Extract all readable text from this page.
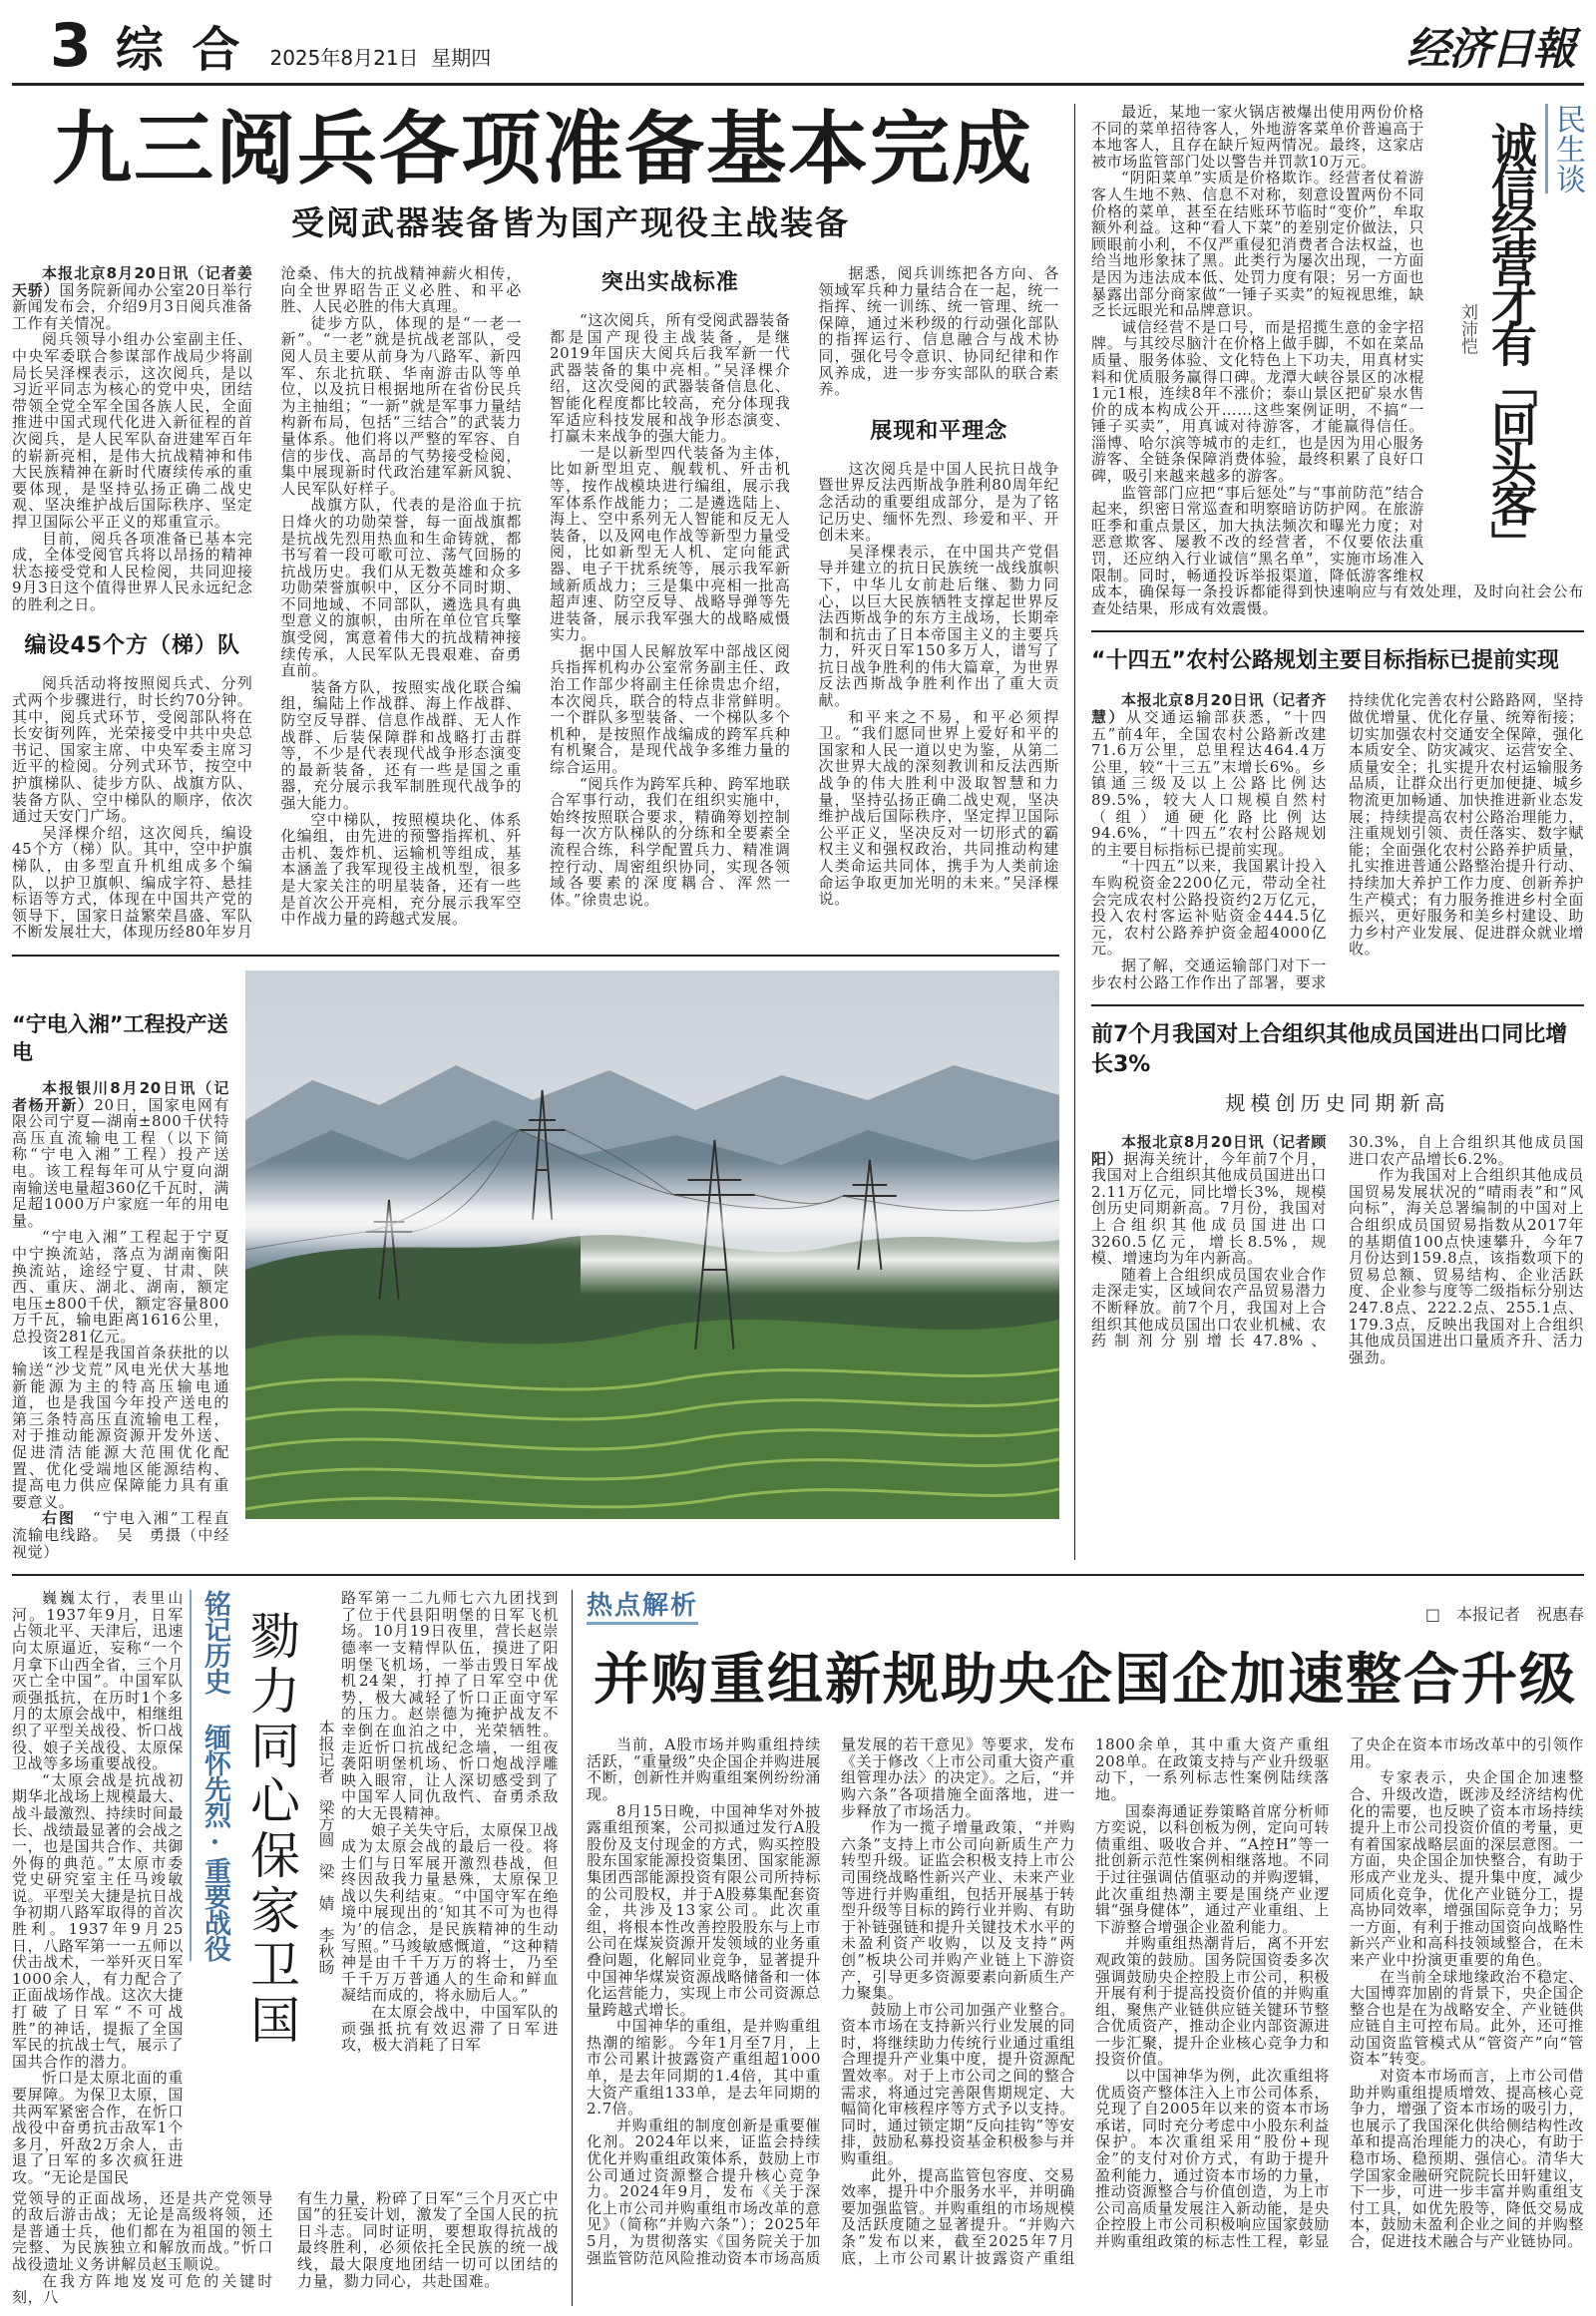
3 综 合 2025年8月21日 星期四	经济日報
九三阅兵各项准备基本完成
受阅武器装备皆为国产现役主战装备

本报北京8月20日讯（记者姜天骄）国务院新闻办公室20日举行新闻发布会，介绍9月3日阅兵准备工作有关情况。

阅兵领导小组办公室副主任、中央军委联合参谋部作战局少将副局长吴泽棵表示，这次阅兵，是以习近平同志为核心的党中央，团结带领全党全军全国各族人民，全面推进中国式现代化进入新征程的首次阅兵，是人民军队奋进建军百年的崭新亮相，是伟大抗战精神和伟大民族精神在新时代赓续传承的重要体现，是坚持弘扬正确二战史观、坚决维护战后国际秩序、坚定捍卫国际公平正义的郑重宣示。

目前，阅兵各项准备已基本完成，全体受阅官兵将以昂扬的精神状态接受党和人民检阅，共同迎接9月3日这个值得世界人民永远纪念的胜利之日。

编设45个方（梯）队

阅兵活动将按照阅兵式、分列式两个步骤进行，时长约70分钟。其中，阅兵式环节，受阅部队将在长安街列阵，光荣接受中共中央总书记、国家主席、中央军委主席习近平的检阅。分列式环节，按空中护旗梯队、徒步方队、战旗方队、装备方队、空中梯队的顺序，依次通过天安门广场。

吴泽棵介绍，这次阅兵，编设45个方（梯）队。其中，空中护旗梯队，由多型直升机组成多个编队，以护卫旗帜、编成字符、悬挂标语等方式，体现在中国共产党的领导下，国家日益繁荣昌盛、军队不断发展壮大，体现历经80年岁月沧桑、伟大的抗战精神薪火相传，向全世界昭告正义必胜、和平必胜、人民必胜的伟大真理。

徒步方队，体现的是“一老一新”。“一老”就是抗战老部队，受阅人员主要从前身为八路军、新四军、东北抗联、华南游击队等单位，以及抗日根据地所在省份民兵为主抽组；“一新”就是军事力量结构新布局，包括“三结合”的武装力量体系。他们将以严整的军容、自信的步伐、高昂的气势接受检阅，集中展现新时代政治建军新风貌、人民军队好样子。

战旗方队，代表的是浴血于抗日烽火的功勋荣誉，每一面战旗都是抗战先烈用热血和生命铸就，都书写着一段可歌可泣、荡气回肠的抗战历史。我们从无数英雄和众多功勋荣誉旗帜中，区分不同时期、不同地域、不同部队，遴选具有典型意义的旗帜，由所在单位官兵擎旗受阅，寓意着伟大的抗战精神接续传承，人民军队无畏艰难、奋勇直前。

装备方队，按照实战化联合编组，编陆上作战群、海上作战群、防空反导群、信息作战群、无人作战群、后装保障群和战略打击群等，不少是代表现代战争形态演变的最新装备，还有一些是国之重器，充分展示我军制胜现代战争的强大能力。

空中梯队，按照模块化、体系化编组，由先进的预警指挥机、歼击机、轰炸机、运输机等组成，基本涵盖了我军现役主战机型，很多是大家关注的明星装备，还有一些是首次公开亮相，充分展示我军空中作战力量的跨越式发展。

突出实战标准

“这次阅兵，所有受阅武器装备都是国产现役主战装备，是继2019年国庆大阅兵后我军新一代武器装备的集中亮相。”吴泽棵介绍，这次受阅的武器装备信息化、智能化程度都比较高，充分体现我军适应科技发展和战争形态演变、打赢未来战争的强大能力。

一是以新型四代装备为主体，比如新型坦克、舰载机、歼击机等，按作战模块进行编组，展示我军体系作战能力；二是遴选陆上、海上、空中系列无人智能和反无人装备，以及网电作战等新型力量受阅，比如新型无人机、定向能武器、电子干扰系统等，展示我军新域新质战力；三是集中亮相一批高超声速、防空反导、战略导弹等先进装备，展示我军强大的战略威慑实力。

据中国人民解放军中部战区阅兵指挥机构办公室常务副主任、政治工作部少将副主任徐贵忠介绍，本次阅兵，联合的特点非常鲜明。一个群队多型装备、一个梯队多个机种，是按照作战编成的跨军兵种有机聚合，是现代战争多维力量的综合运用。

“阅兵作为跨军兵种、跨军地联合军事行动，我们在组织实施中，始终按照联合要求，精确筹划控制每一次方队梯队的分练和全要素全流程合练，科学配置兵力、精准调控行动、周密组织协同，实现各领域各要素的深度耦合、浑然一体。”徐贵忠说。

据悉，阅兵训练把各方向、各领域军兵种力量结合在一起，统一指挥、统一训练、统一管理、统一保障，通过米秒级的行动强化部队的指挥运行、信息融合与战术协同，强化号令意识、协同纪律和作风养成，进一步夯实部队的联合素养。

展现和平理念

这次阅兵是中国人民抗日战争暨世界反法西斯战争胜利80周年纪念活动的重要组成部分，是为了铭记历史、缅怀先烈、珍爱和平、开创未来。

吴泽棵表示，在中国共产党倡导并建立的抗日民族统一战线旗帜下，中华儿女前赴后继、勠力同心，以巨大民族牺牲支撑起世界反法西斯战争的东方主战场，长期牵制和抗击了日本帝国主义的主要兵力，歼灭日军150多万人，谱写了抗日战争胜利的伟大篇章，为世界反法西斯战争胜利作出了重大贡献。

和平来之不易，和平必须捍卫。“我们愿同世界上爱好和平的国家和人民一道以史为鉴，从第二次世界大战的深刻教训和反法西斯战争的伟大胜利中汲取智慧和力量，坚持弘扬正确二战史观，坚决维护战后国际秩序，坚定捍卫国际公平正义，坚决反对一切形式的霸权主义和强权政治，共同推动构建人类命运共同体，携手为人类前途命运争取更加光明的未来。”吴泽棵说。

“宁电入湘”工程投产送电

本报银川8月20日讯（记者杨开新）20日，国家电网有限公司宁夏—湖南±800千伏特高压直流输电工程（以下简称“宁电入湘”工程）投产送电。该工程每年可从宁夏向湖南输送电量超360亿千瓦时，满足超1000万户家庭一年的用电量。

“宁电入湘”工程起于宁夏中宁换流站，落点为湖南衡阳换流站，途经宁夏、甘肃、陕西、重庆、湖北、湖南，额定电压±800千伏，额定容量800万千瓦，输电距离1616公里，总投资281亿元。

该工程是我国首条获批的以输送“沙戈荒”风电光伏大基地新能源为主的特高压输电通道，也是我国今年投产送电的第三条特高压直流输电工程，对于推动能源资源开发外送、促进清洁能源大范围优化配置、优化受端地区能源结构、提高电力供应保障能力具有重要意义。

右图　“宁电入湘”工程直流输电线路。　吴　勇摄（中经视觉）

民生谈
诚信经营才有「回头客」
刘沛恺

最近，某地一家火锅店被爆出使用两份价格不同的菜单招待客人，外地游客菜单价普遍高于本地客人，且存在缺斤短两情况。最终，这家店被市场监管部门处以警告并罚款10万元。

“阴阳菜单”实质是价格欺诈。经营者仗着游客人生地不熟、信息不对称，刻意设置两份不同价格的菜单，甚至在结账环节临时“变价”，牟取额外利益。这种“看人下菜”的差别定价做法，只顾眼前小利，不仅严重侵犯消费者合法权益，也给当地形象抹了黑。此类行为屡次出现，一方面是因为违法成本低、处罚力度有限；另一方面也暴露出部分商家做“一锤子买卖”的短视思维，缺乏长远眼光和品牌意识。

诚信经营不是口号，而是招揽生意的金字招牌。与其绞尽脑汁在价格上做手脚，不如在菜品质量、服务体验、文化特色上下功夫，用真材实料和优质服务赢得口碑。龙潭大峡谷景区的冰棍1元1根，连续8年不涨价；泰山景区把矿泉水售价的成本构成公开……这些案例证明，不搞“一锤子买卖”，用真诚对待游客，才能赢得信任。淄博、哈尔滨等城市的走红，也是因为用心服务游客、全链条保障消费体验，最终积累了良好口碑，吸引来越来越多的游客。

监管部门应把“事后惩处”与“事前防范”结合起来，织密日常巡查和明察暗访防护网。在旅游旺季和重点景区，加大执法频次和曝光力度；对恶意欺客、屡教不改的经营者，不仅要依法重罚，还应纳入行业诚信“黑名单”，实施市场准入限制。同时，畅通投诉举报渠道，降低游客维权成本，确保每一条投诉都能得到快速响应与有效处理，及时向社会公布查处结果，形成有效震慑。

“十四五”农村公路规划主要目标指标已提前实现

本报北京8月20日讯（记者齐慧）从交通运输部获悉，“十四五”前4年，全国农村公路新改建71.6万公里，总里程达464.4万公里，较“十三五”末增长6%。乡镇通三级及以上公路比例达89.5%，较大人口规模自然村（组）通硬化路比例达94.6%，“十四五”农村公路规划的主要目标指标已提前实现。

“十四五”以来，我国累计投入车购税资金2200亿元，带动全社会完成农村公路投资约2万亿元，投入农村客运补贴资金444.5亿元，农村公路养护资金超4000亿元。

据了解，交通运输部门对下一步农村公路工作作出了部署，要求持续优化完善农村公路路网，坚持做优增量、优化存量、统筹衔接；切实加强农村交通安全保障，强化本质安全、防灾减灾、运营安全、质量安全；扎实提升农村运输服务品质，让群众出行更加便捷、城乡物流更加畅通、加快推进新业态发展；持续提高农村公路治理能力，注重规划引领、责任落实、数字赋能；全面强化农村公路养护质量，扎实推进普通公路整治提升行动、持续加大养护工作力度、创新养护生产模式；有力服务推进乡村全面振兴，更好服务和美乡村建设、助力乡村产业发展、促进群众就业增收。

前7个月我国对上合组织其他成员国进出口同比增长3%
规模创历史同期新高

本报北京8月20日讯（记者顾阳）据海关统计，今年前7个月，我国对上合组织其他成员国进出口2.11万亿元，同比增长3%，规模创历史同期新高。7月份，我国对上合组织其他成员国进出口3260.5亿元，增长8.5%，规模、增速均为年内新高。

随着上合组织成员国农业合作走深走实，区域间农产品贸易潜力不断释放。前7个月，我国对上合组织其他成员国出口农业机械、农药制剂分别增长47.8%、30.3%，自上合组织其他成员国进口农产品增长6.2%。

作为我国对上合组织其他成员国贸易发展状况的“晴雨表”和“风向标”，海关总署编制的中国对上合组织成员国贸易指数从2017年的基期值100点快速攀升，今年7月份达到159.8点，该指数项下的贸易总额、贸易结构、企业活跃度、企业参与度等二级指标分别达247.8点、222.2点、255.1点、179.3点，反映出我国对上合组织其他成员国进出口量质齐升、活力强劲。

巍巍太行，表里山河。1937年9月，日军占领北平、天津后，迅速向太原逼近，妄称“一个月拿下山西全省，三个月灭亡全中国”。中国军队顽强抵抗，在历时1个多月的太原会战中，相继组织了平型关战役、忻口战役、娘子关战役、太原保卫战等多场重要战役。

“太原会战是抗战初期华北战场上规模最大、战斗最激烈、持续时间最长、战绩最显著的会战之一，也是国共合作、共御外侮的典范。”太原市委党史研究室主任马竣敏说。平型关大捷是抗日战争初期八路军取得的首次胜利。1937年9月25日，八路军第一一五师以伏击战术，一举歼灭日军1000余人，有力配合了正面战场作战。这次大捷打破了日军“不可战胜”的神话，提振了全国军民的抗战士气，展示了国共合作的潜力。

忻口是太原北面的重要屏障。为保卫太原，国共两军紧密合作，在忻口战役中奋勇抗击敌军1个多月，歼敌2万余人，击退了日军的多次疯狂进攻。“无论是国民

铭记历史 缅怀先烈·重要战役 勠力同心保家卫国	本报记者　梁方圆　梁　婧　李秋旸

路军第一二九师七六九团找到了位于代县阳明堡的日军飞机场。10月19日夜里，营长赵崇德率一支精悍队伍，摸进了阳明堡飞机场，一举击毁日军战机24架，打掉了日军空中优势，极大减轻了忻口正面守军的压力。赵崇德为掩护战友不幸倒在血泊之中，光荣牺牲。走近忻口抗战纪念墙，一组夜袭阳明堡机场、忻口炮战浮雕映入眼帘，让人深切感受到了中国军人同仇敌忾、奋勇杀敌的大无畏精神。

娘子关失守后，太原保卫战成为太原会战的最后一役。将士们与日军展开激烈巷战，但终因敌我力量悬殊，太原保卫战以失利结束。“中国守军在绝境中展现出的‘知其不可为也得为’的信念，是民族精神的生动写照。”马竣敏感慨道，“这种精神是由千千万万的将士，乃至千千万万普通人的生命和鲜血凝结而成的，将永励后人。”

在太原会战中，中国军队的顽强抵抗有效迟滞了日军进攻，极大消耗了日军

党领导的正面战场，还是共产党领导的敌后游击战；无论是高级将领，还是普通士兵，他们都在为祖国的领土完整、为民族独立和解放而战。”忻口战役遗址义务讲解员赵玉顺说。

在我方阵地岌岌可危的关键时刻，八

有生力量，粉碎了日军“三个月灭亡中国”的狂妄计划，激发了全国人民的抗日斗志。同时证明，要想取得抗战的最终胜利，必须依托全民族的统一战线，最大限度地团结一切可以团结的力量，勠力同心，共赴国难。

热点解析	□　本报记者　祝惠春
并购重组新规助央企国企加速整合升级

当前，A股市场并购重组持续活跃，“重量级”央企国企并购进展不断，创新性并购重组案例纷纷涌现。

8月15日晚，中国神华对外披露重组预案，公司拟通过发行A股股份及支付现金的方式，购买控股股东国家能源投资集团、国家能源集团西部能源投资有限公司所持标的公司股权，并于A股募集配套资金，共涉及13家公司。此次重组，将根本性改善控股股东与上市公司在煤炭资源开发领域的业务重叠问题，化解同业竞争，显著提升中国神华煤炭资源战略储备和一体化运营能力，实现上市公司资源总量跨越式增长。

中国神华的重组，是并购重组热潮的缩影。今年1月至7月，上市公司累计披露资产重组超1000单，是去年同期的1.4倍，其中重大资产重组133单，是去年同期的2.7倍。

并购重组的制度创新是重要催化剂。2024年以来，证监会持续优化并购重组政策体系，鼓励上市公司通过资源整合提升核心竞争力。2024年9月，发布《关于深化上市公司并购重组市场改革的意见》（简称“并购六条”）；2025年5月，为贯彻落实《国务院关于加强监管防范风险推动资本市场高质量发展的若干意见》等要求，发布《关于修改〈上市公司重大资产重组管理办法〉的决定》。之后，“并购六条”各项措施全面落地，进一步释放了市场活力。

作为一揽子增量政策，“并购六条”支持上市公司向新质生产力转型升级。证监会积极支持上市公司围绕战略性新兴产业、未来产业等进行并购重组，包括开展基于转型升级等目标的跨行业并购、有助于补链强链和提升关键技术水平的未盈利资产收购，以及支持“两创”板块公司并购产业链上下游资产，引导更多资源要素向新质生产力聚集。

鼓励上市公司加强产业整合。资本市场在支持新兴行业发展的同时，将继续助力传统行业通过重组合理提升产业集中度，提升资源配置效率。对于上市公司之间的整合需求，将通过完善限售期规定、大幅简化审核程序等方式予以支持。同时，通过锁定期“反向挂钩”等安排，鼓励私募投资基金积极参与并购重组。

此外，提高监管包容度、交易效率，提升中介服务水平，并明确要加强监管。并购重组的市场规模及活跃度随之显著提升。“并购六条”发布以来，截至2025年7月底，上市公司累计披露资产重组1800余单，其中重大资产重组208单。在政策支持与产业升级驱动下，一系列标志性案例陆续落地。

国泰海通证券策略首席分析师方奕说，以科创板为例，定向可转债重组、吸收合并、“A控H”等一批创新示范性案例相继落地。不同于过往强调估值驱动的并购逻辑，此次重组热潮主要是围绕产业逻辑“强身健体”，通过产业重组、上下游整合增强企业盈利能力。

并购重组热潮背后，离不开宏观政策的鼓励。国务院国资委多次强调鼓励央企控股上市公司，积极开展有利于提高投资价值的并购重组，聚焦产业链供应链关键环节整合优质资产，推动企业内部资源进一步汇聚，提升企业核心竞争力和投资价值。

以中国神华为例，此次重组将优质资产整体注入上市公司体系，兑现了自2005年以来的资本市场承诺，同时充分考虑中小股东利益保护。本次重组采用“股份+现金”的支付对价方式，有助于提升盈利能力，通过资本市场的力量，推动资源整合与价值创造，为上市公司高质量发展注入新动能，是央企控股上市公司积极响应国家鼓励并购重组政策的标志性工程，彰显了央企在资本市场改革中的引领作用。

专家表示，央企国企加速整合、升级改造，既涉及经济结构优化的需要，也反映了资本市场持续提升上市公司投资价值的考量，更有着国家战略层面的深层意图。一方面，央企国企加快整合，有助于形成产业龙头、提升集中度，减少同质化竞争，优化产业链分工，提高协同效率，增强国际竞争力；另一方面，有利于推动国资向战略性新兴产业和高科技领域整合，在未来产业中扮演更重要的角色。

在当前全球地缘政治不稳定、大国博弈加剧的背景下，央企国企整合也是在为战略安全、产业链供应链自主可控布局。此外，还可推动国资监管模式从“管资产”向“管资本”转变。

对资本市场而言，上市公司借助并购重组提质增效、提高核心竞争力，增强了资本市场的吸引力，也展示了我国深化供给侧结构性改革和提高治理能力的决心，有助于稳市场、稳预期、强信心。清华大学国家金融研究院院长田轩建议，下一步，可进一步丰富并购重组支付工具，如优先股等，降低交易成本，鼓励未盈利企业之间的并购整合，促进技术融合与产业链协同。
